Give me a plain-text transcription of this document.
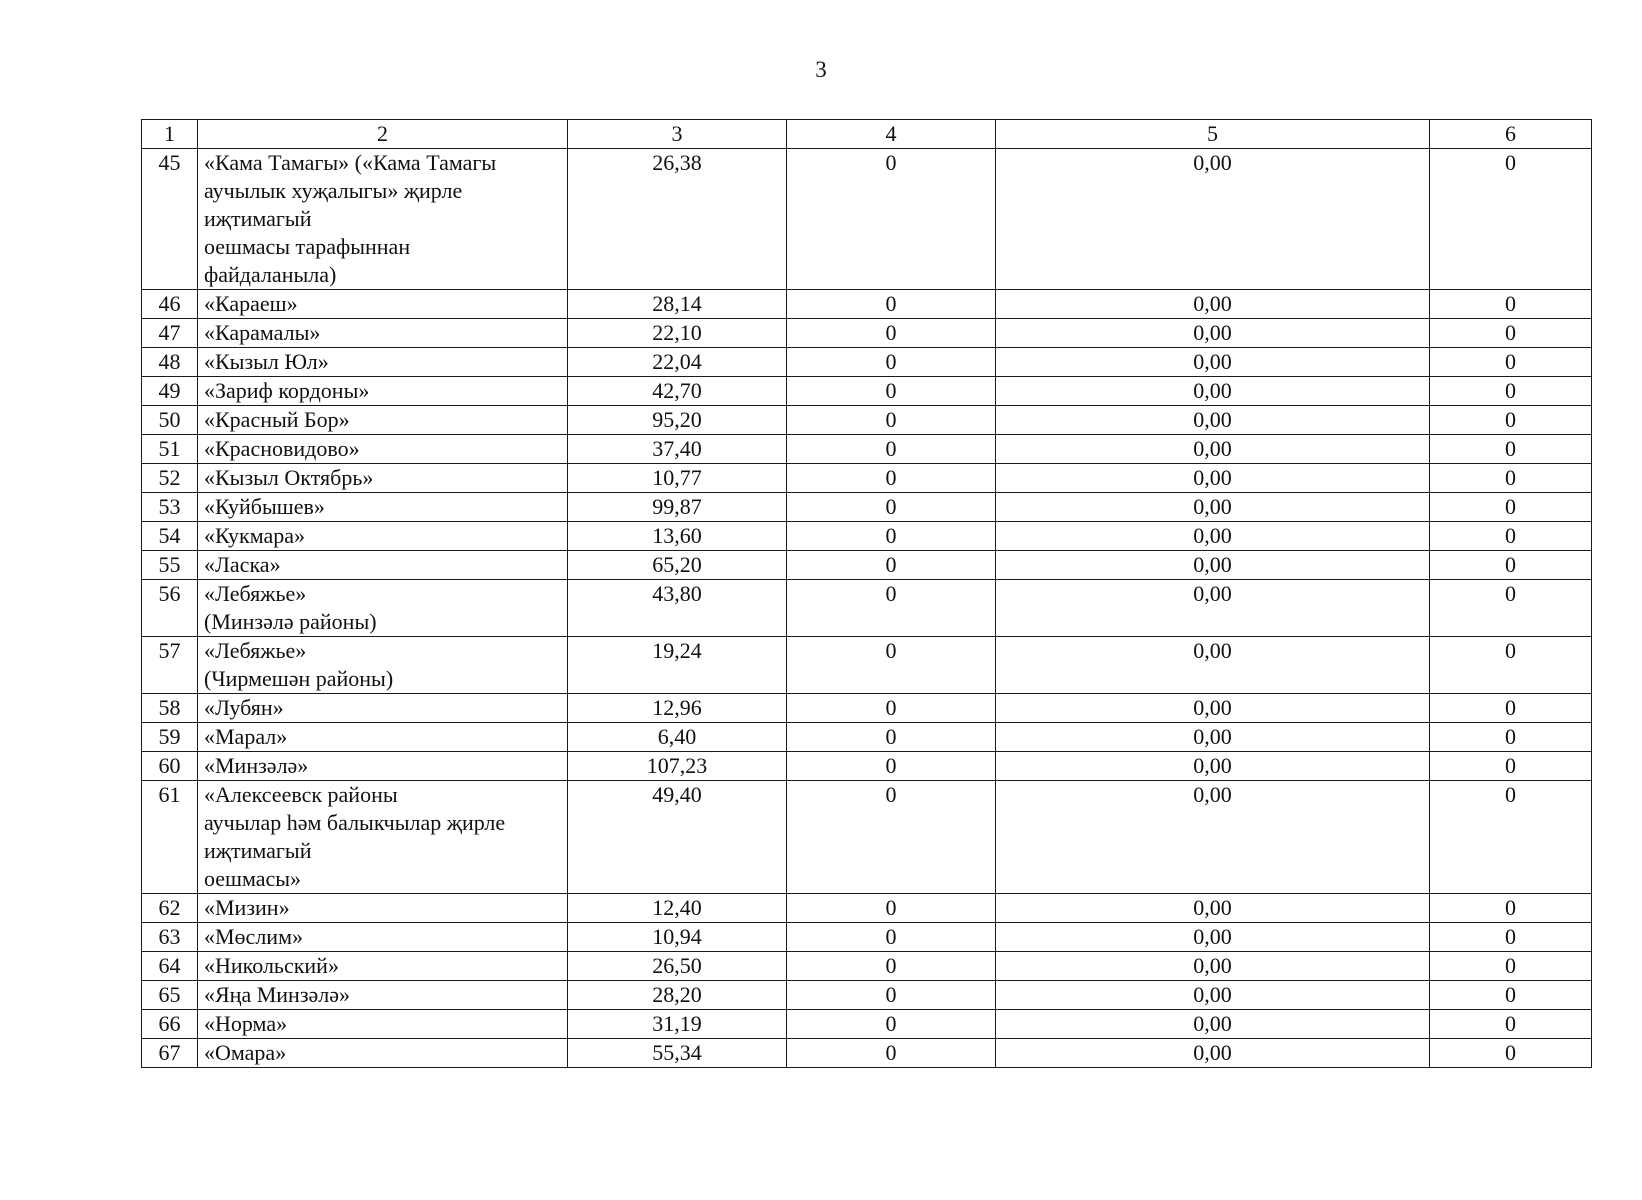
3
1	2	3	4	5	6
45	«Кама Тамагы» («Кама Тамагы
аучылык хуҗалыгы» җирле
иҗтимагый
оешмасы тарафыннан
файдаланыла)	26,38	0	0,00	0
46	«Караеш»	28,14	0	0,00	0
47	«Карамалы»	22,10	0	0,00	0
48	«Кызыл Юл»	22,04	0	0,00	0
49	«Зариф кордоны»	42,70	0	0,00	0
50	«Красный Бор»	95,20	0	0,00	0
51	«Красновидово»	37,40	0	0,00	0
52	«Кызыл Октябрь»	10,77	0	0,00	0
53	«Куйбышев»	99,87	0	0,00	0
54	«Кукмара»	13,60	0	0,00	0
55	«Ласка»	65,20	0	0,00	0
56	«Лебяжье»
(Минзәлә районы)	43,80	0	0,00	0
57	«Лебяжье»
(Чирмешән районы)	19,24	0	0,00	0
58	«Лубян»	12,96	0	0,00	0
59	«Марал»	6,40	0	0,00	0
60	«Минзәлә»	107,23	0	0,00	0
61	«Алексеевск районы
аучылар һәм балыкчылар җирле
иҗтимагый
оешмасы»	49,40	0	0,00	0
62	«Мизин»	12,40	0	0,00	0
63	«Мөслим»	10,94	0	0,00	0
64	«Никольский»	26,50	0	0,00	0
65	«Яңа Минзәлә»	28,20	0	0,00	0
66	«Норма»	31,19	0	0,00	0
67	«Омара»	55,34	0	0,00	0
